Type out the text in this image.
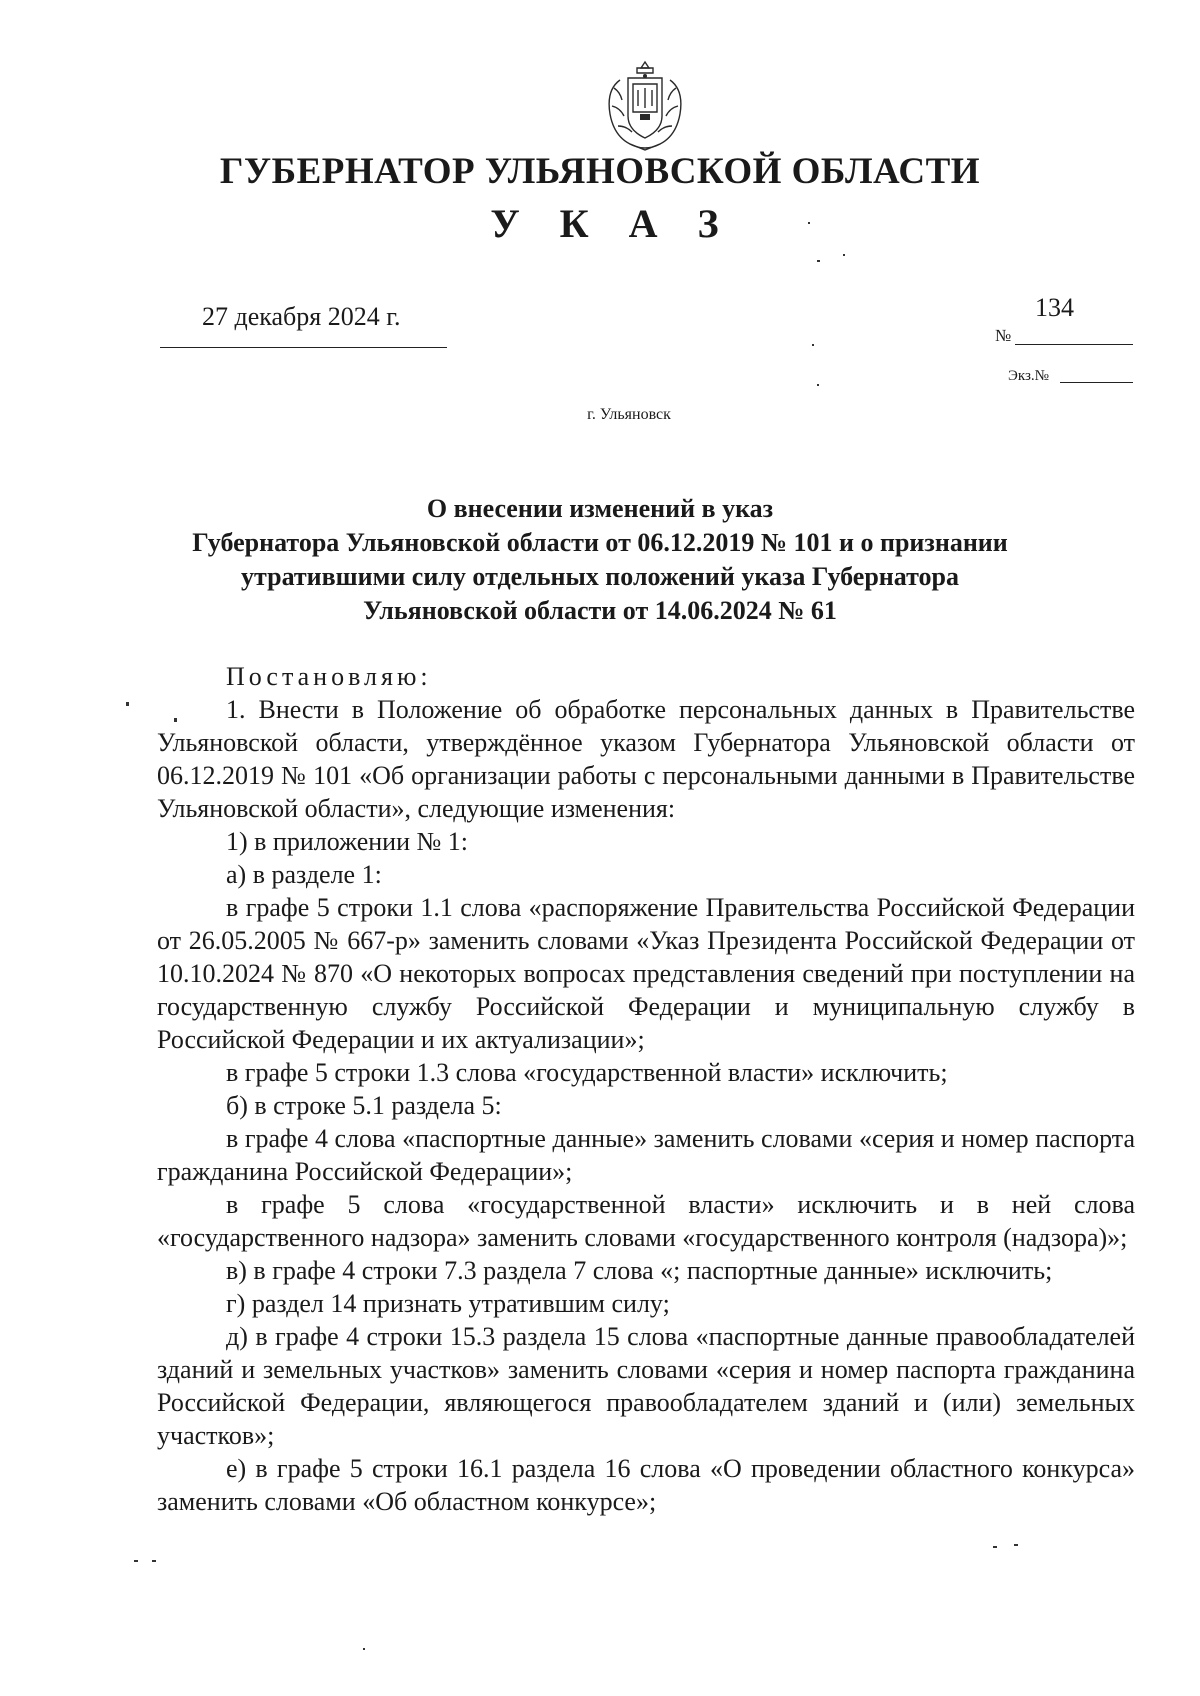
ГУБЕРНАТОР УЛЬЯНОВСКОЙ ОБЛАСТИ
У К А З
27 декабря 2024 г.	134
№
Экз.№
г. Ульяновск
О внесении изменений в указ
Губернатора Ульяновской области от 06.12.2019 № 101 и о признании
утратившими силу отдельных положений указа Губернатора
Ульяновской области от 14.06.2024 № 61

Постановляю:

1. Внести в Положение об обработке персональных данных в Правительстве Ульяновской области, утверждённое указом Губернатора Ульяновской области от 06.12.2019 № 101 «Об организации работы с персональными данными в Правительстве Ульяновской области», следующие изменения:

1) в приложении № 1:

а) в разделе 1:

в графе 5 строки 1.1 слова «распоряжение Правительства Российской Федерации от 26.05.2005 № 667-р» заменить словами «Указ Президента Российской Федерации от 10.10.2024 № 870 «О некоторых вопросах представления сведений при поступлении на государственную службу Российской Федерации и муниципальную службу в Российской Федерации и их актуализации»;

в графе 5 строки 1.3 слова «государственной власти» исключить;

б) в строке 5.1 раздела 5:

в графе 4 слова «паспортные данные» заменить словами «серия и номер паспорта гражданина Российской Федерации»;

в графе 5 слова «государственной власти» исключить и в ней слова «государственного надзора» заменить словами «государственного контроля (надзора)»;

в) в графе 4 строки 7.3 раздела 7 слова «; паспортные данные» исключить;

г) раздел 14 признать утратившим силу;

д) в графе 4 строки 15.3 раздела 15 слова «паспортные данные правообладателей зданий и земельных участков» заменить словами «серия и номер паспорта гражданина Российской Федерации, являющегося правообладателем зданий и (или) земельных участков»;

е) в графе 5 строки 16.1 раздела 16 слова «О проведении областного конкурса» заменить словами «Об областном конкурсе»;
